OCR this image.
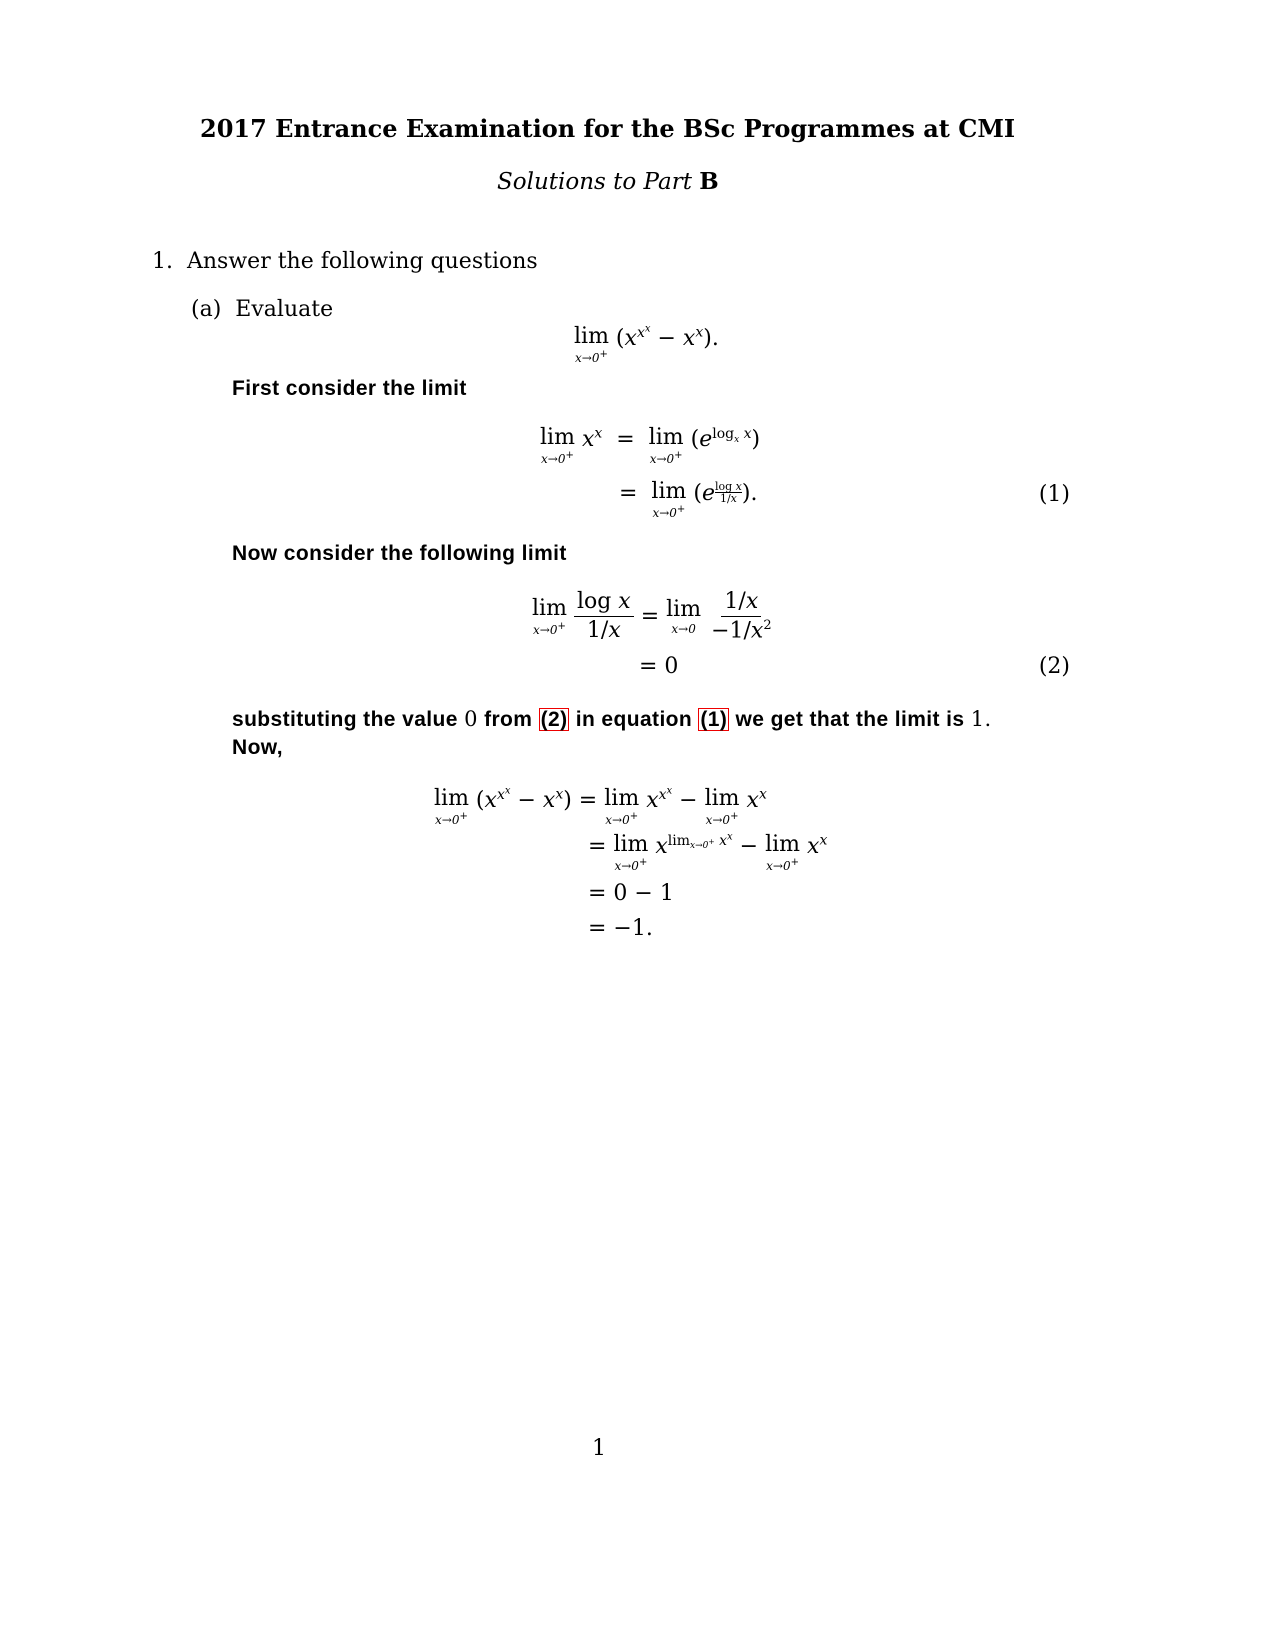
2017 Entrance Examination for the BSc Programmes at CMI
Solutions to Part B
1. Answer the following questions
(a) Evaluate
lim
x→0+
$(x^{x^x} - x^x)$.
First consider the limit
lim
x→0+
$x^x = \lim$
x→0+
$(e^{log_x x})$
= lim
x→0+
($e \frac{\text{log x}}{1/x}$ ).	(1)
Now consider the following limit
lim
x→0+
$\frac{\text{log x}}{1/x} = \lim$
x→0
$\frac{1/x}{-1/x^2}$
= 0	(2)
substituting the value 0 from (2) in equation (1) we get that the limit is 1.
Now,
lim
x→0+
$(x^{x^x} - x^x) = \lim$
x→0+
$x^{x^x} - \lim$
x→0+
$x^x$
= lim
x→0+
$x^{lim_{x\to 0^+} x^x} - \lim$
x→0+
$x^x$
= 0 − 1
= −1.
1
